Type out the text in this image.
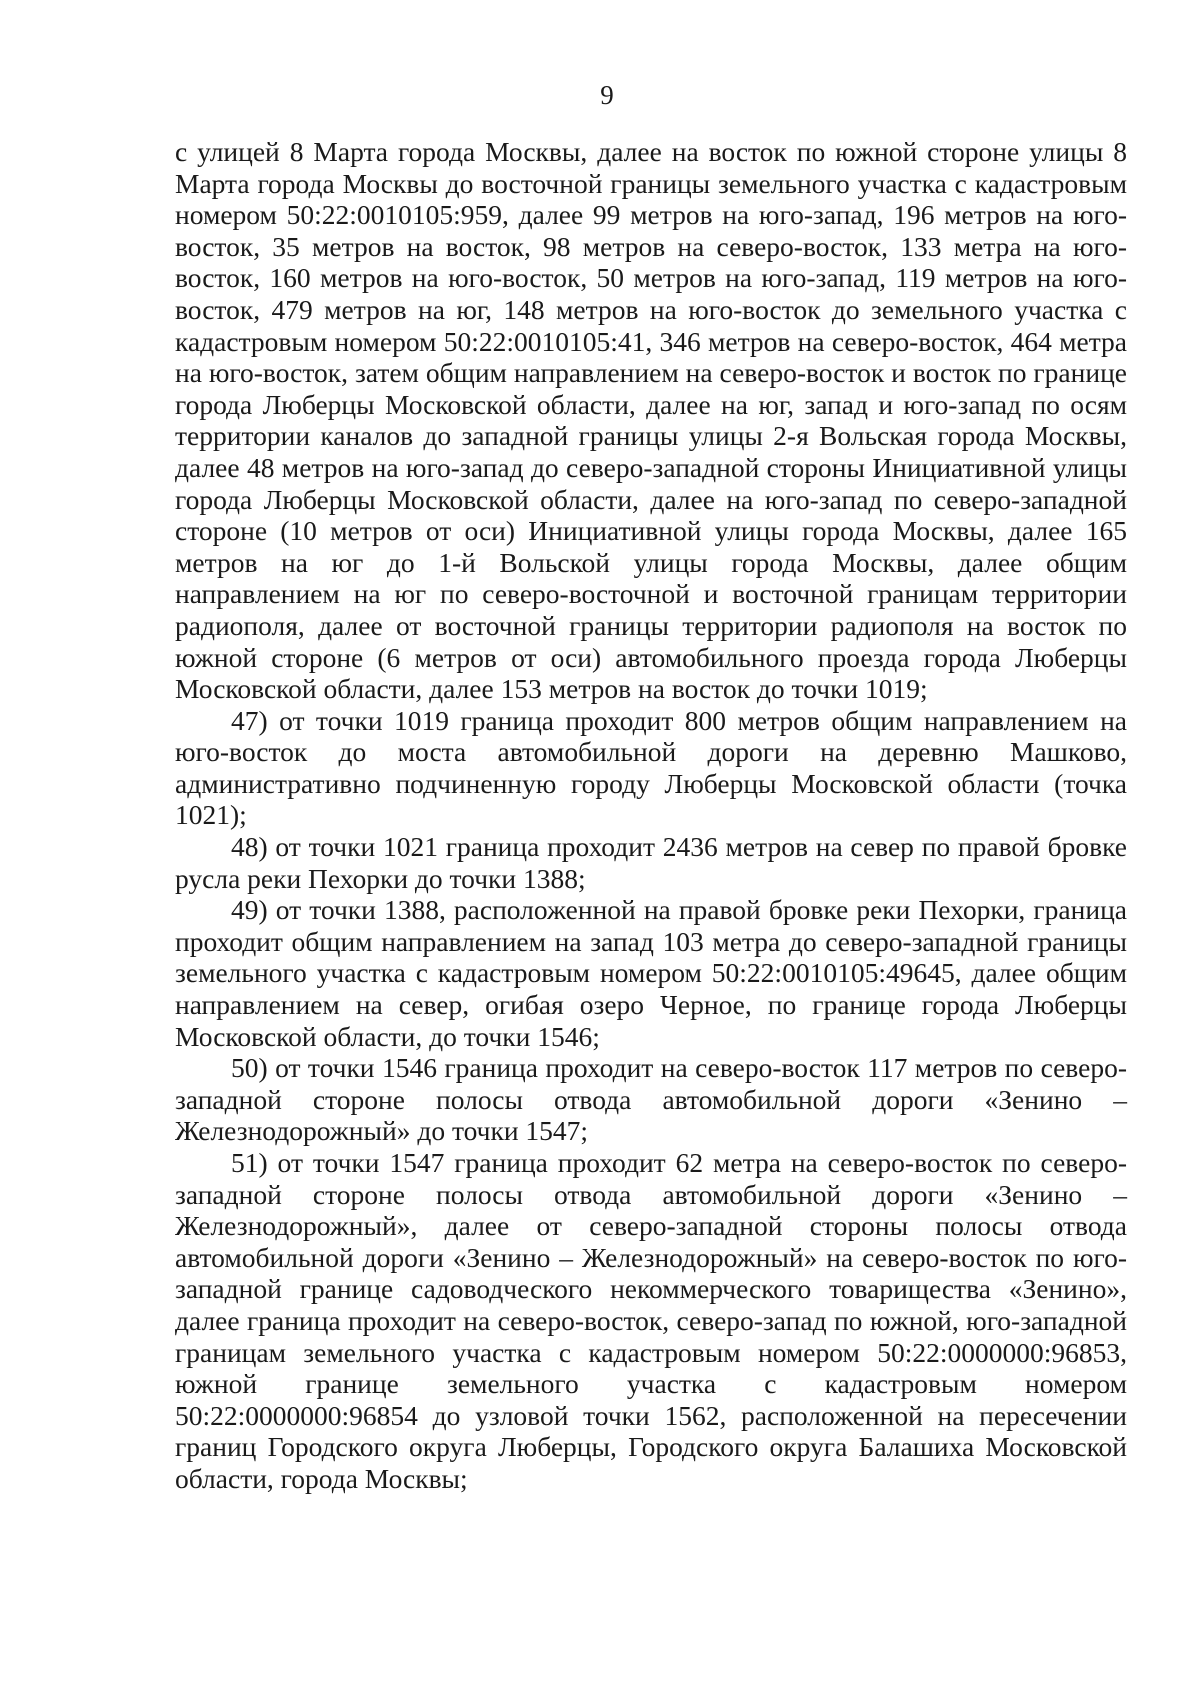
9

с улицей 8 Марта города Москвы, далее на восток по южной стороне улицы 8 Марта города Москвы до восточной границы земельного участка с кадастровым номером 50:22:0010105:959, далее 99 метров на юго-запад, 196 метров на юго-восток, 35 метров на восток, 98 метров на северо-восток, 133 метра на юго-восток, 160 метров на юго-восток, 50 метров на юго-запад, 119 метров на юго-восток, 479 метров на юг, 148 метров на юго-восток до земельного участка с кадастровым номером 50:22:0010105:41, 346 метров на северо-восток, 464 метра на юго-восток, затем общим направлением на северо-восток и восток по границе города Люберцы Московской области, далее на юг, запад и юго-запад по осям территории каналов до западной границы улицы 2-я Вольская города Москвы, далее 48 метров на юго-запад до северо-западной стороны Инициативной улицы города Люберцы Московской области, далее на юго-запад по северо-западной стороне (10 метров от оси) Инициативной улицы города Москвы, далее 165 метров на юг до 1-й Вольской улицы города Москвы, далее общим направлением на юг по северо-восточной и восточной границам территории радиополя, далее от восточной границы территории радиополя на восток по южной стороне (6 метров от оси) автомобильного проезда города Люберцы Московской области, далее 153 метров на восток до точки 1019;

47) от точки 1019 граница проходит 800 метров общим направлением на юго-восток до моста автомобильной дороги на деревню Машково, административно подчиненную городу Люберцы Московской области (точка 1021);

48) от точки 1021 граница проходит 2436 метров на север по правой бровке русла реки Пехорки до точки 1388;

49) от точки 1388, расположенной на правой бровке реки Пехорки, граница проходит общим направлением на запад 103 метра до северо-западной границы земельного участка с кадастровым номером 50:22:0010105:49645, далее общим направлением на север, огибая озеро Черное, по границе города Люберцы Московской области, до точки 1546;

50) от точки 1546 граница проходит на северо-восток 117 метров по северо-западной стороне полосы отвода автомобильной дороги «Зенино – Железнодорожный» до точки 1547;

51) от точки 1547 граница проходит 62 метра на северо-восток по северо-западной стороне полосы отвода автомобильной дороги «Зенино – Железнодорожный», далее от северо-западной стороны полосы отвода автомобильной дороги «Зенино – Железнодорожный» на северо-восток по юго-западной границе садоводческого некоммерческого товарищества «Зенино», далее граница проходит на северо-восток, северо-запад по южной, юго-западной границам земельного участка с кадастровым номером 50:22:0000000:96853, южной границе земельного участка с кадастровым номером 50:22:0000000:96854 до узловой точки 1562, расположенной на пересечении границ Городского округа Люберцы, Городского округа Балашиха Московской области, города Москвы;
